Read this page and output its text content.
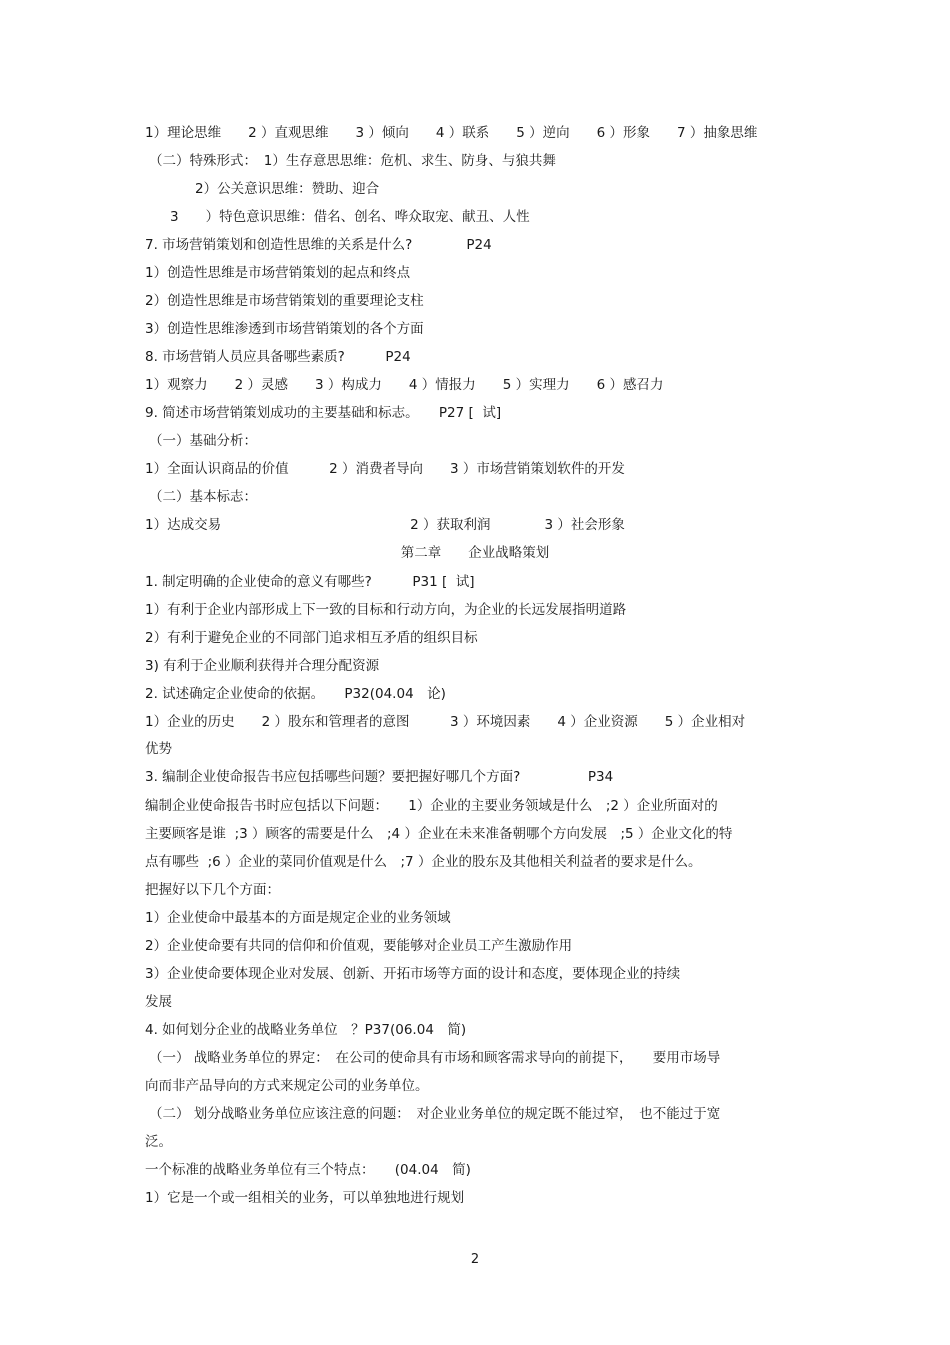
1）理论思维　　2 ）直观思维　　3 ）倾向　　4 ）联系　　5 ）逆向　　6 ）形象　　7 ）抽象思维
（二）特殊形式：　1）生存意思思维：危机、求生、防身、与狼共舞
2）公关意识思维：赞助、迎合
3　　）特色意识思维：借名、创名、哗众取宠、献丑、人性
7. 市场营销策划和创造性思维的关系是什么?　　　　P24
1）创造性思维是市场营销策划的起点和终点
2）创造性思维是市场营销策划的重要理论支柱
3）创造性思维渗透到市场营销策划的各个方面
8. 市场营销人员应具备哪些素质?　　　P24
1）观察力　　2 ）灵感　　3 ）构成力　　4 ）情报力　　5 ）实理力　　6 ）感召力
9. 简述市场营销策划成功的主要基础和标志。　　P27 [  试]
（一）基础分析：
1）全面认识商品的价值　　　2 ）消费者导向　　3 ）市场营销策划软件的开发
（二）基本标志：
1）达成交易　　　　　　　　　　　　　　2 ）获取利润　　　　3 ）社会形象
第二章　　企业战略策划
1. 制定明确的企业使命的意义有哪些?　　　P31 [  试]
1）有利于企业内部形成上下一致的目标和行动方向，为企业的长远发展指明道路
2）有利于避免企业的不同部门追求相互矛盾的组织目标
3) 有利于企业顺利获得并合理分配资源
2. 试述确定企业使命的依据。　　P32(04.04　论)
1）企业的历史　　2 ）股东和管理者的意图　　　3 ）环境因素　　4 ）企业资源　　5 ）企业相对
优势
3. 编制企业使命报告书应包括哪些问题？要把握好哪几个方面?　　　　　P34
编制企业使命报告书时应包括以下问题：　　1）企业的主要业务领域是什么　;2 ）企业所面对的
主要顾客是谁  ;3 ）顾客的需要是什么　;4 ）企业在未来准备朝哪个方向发展　;5 ）企业文化的特
点有哪些  ;6 ）企业的菜同价值观是什么　;7 ）企业的股东及其他相关利益者的要求是什么。
把握好以下几个方面：
1）企业使命中最基本的方面是规定企业的业务领域
2）企业使命要有共同的信仰和价值观，要能够对企业员工产生激励作用
3）企业使命要体现企业对发展、创新、开拓市场等方面的设计和态度，要体现企业的持续
发展
4. 如何划分企业的战略业务单位　？P37(06.04　简)
（一） 战略业务单位的界定：　在公司的使命具有市场和顾客需求导向的前提下，　　要用市场导
向而非产品导向的方式来规定公司的业务单位。
（二） 划分战略业务单位应该注意的问题：　对企业业务单位的规定既不能过窄，　也不能过于宽
泛。
一个标准的战略业务单位有三个特点：　　(04.04　简)
1）它是一个或一组相关的业务，可以单独地进行规划
2
